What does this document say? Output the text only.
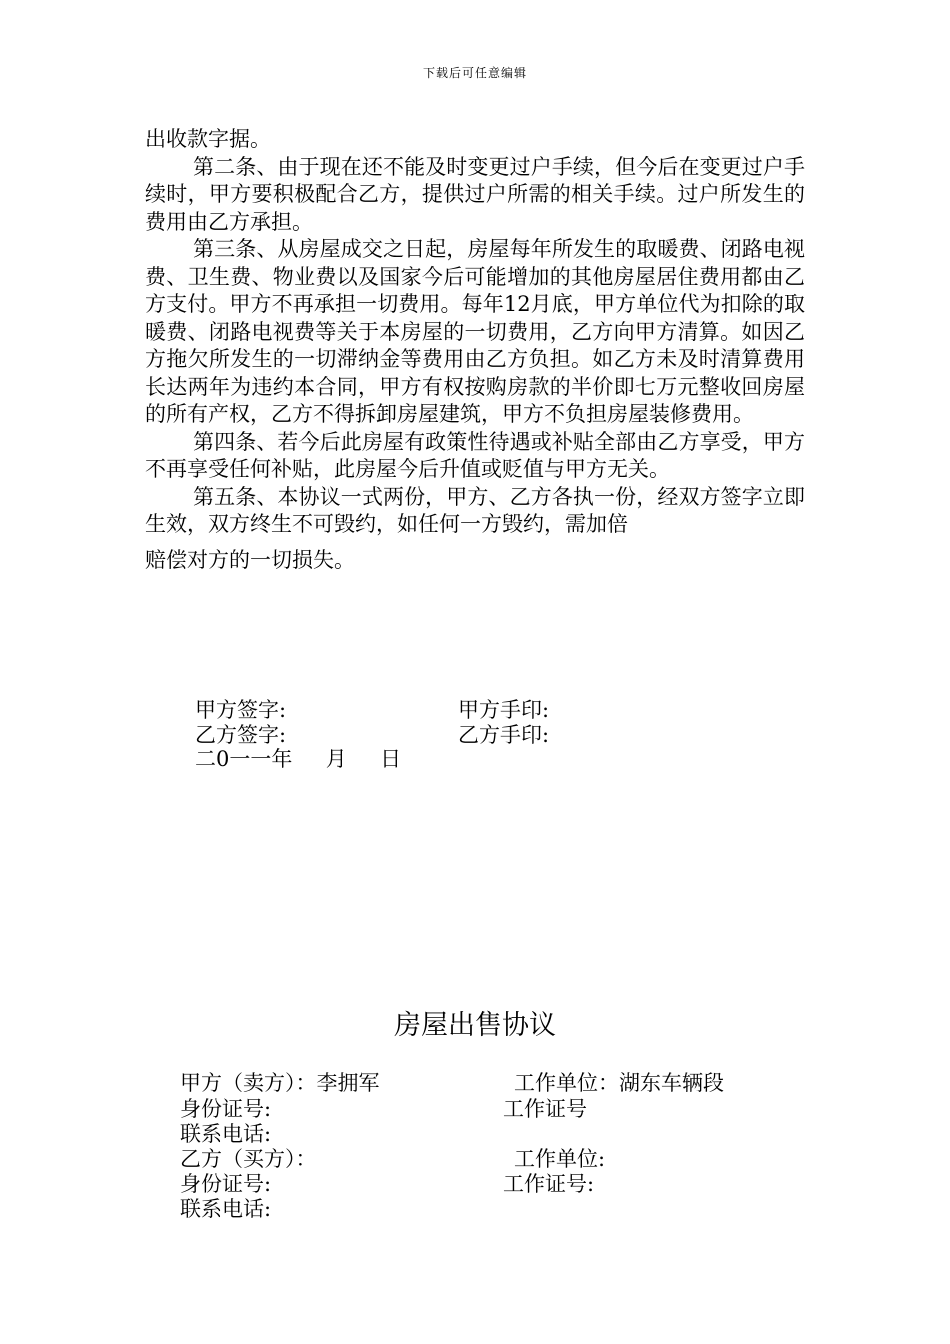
下载后可任意编辑

出收款字据。

第二条、由于现在还不能及时变更过户手续，但今后在变更过户手续时，甲方要积极配合乙方，提供过户所需的相关手续。过户所发生的费用由乙方承担。

第三条、从房屋成交之日起，房屋每年所发生的取暖费、闭路电视费、卫生费、物业费以及国家今后可能增加的其他房屋居住费用都由乙方支付。甲方不再承担一切费用。每年12月底，甲方单位代为扣除的取暖费、闭路电视费等关于本房屋的一切费用，乙方向甲方清算。如因乙方拖欠所发生的一切滞纳金等费用由乙方负担。如乙方未及时清算费用长达两年为违约本合同，甲方有权按购房款的半价即七万元整收回房屋的所有产权，乙方不得拆卸房屋建筑，甲方不负担房屋装修费用。

第四条、若今后此房屋有政策性待遇或补贴全部由乙方享受，甲方不再享受任何补贴，此房屋今后升值或贬值与甲方无关。

第五条、本协议一式两份，甲方、乙方各执一份，经双方签字立即生效，双方终生不可毁约，如任何一方毁约，需加倍

赔偿对方的一切损失。

甲方签字:	甲方手印:
乙方签字:	乙方手印:
二0一一年     月     日
房屋出售协议
甲方（卖方）：李拥军	工作单位：湖东车辆段
身份证号:	工作证号
联系电话:
乙方（买方）：	工作单位:
身份证号:	工作证号:
联系电话:
